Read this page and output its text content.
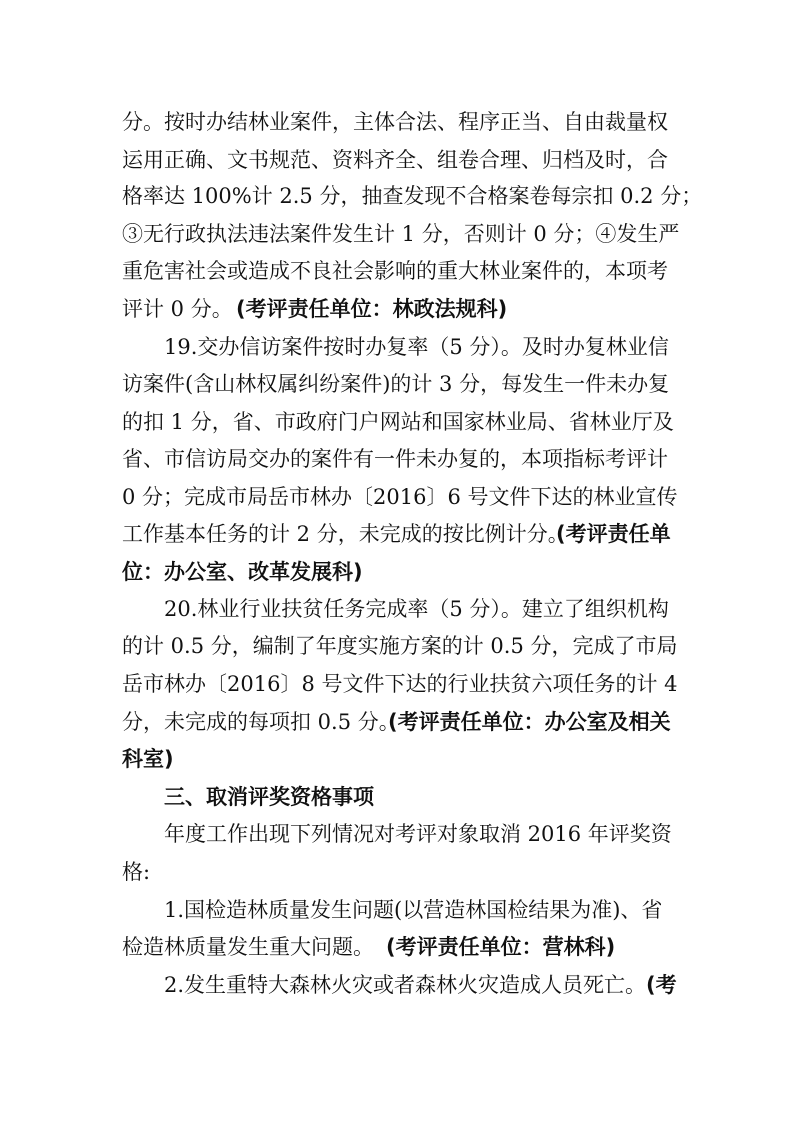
分。按时办结林业案件，主体合法、程序正当、自由裁量权

运用正确、文书规范、资料齐全、组卷合理、归档及时，合

格率达 100%计 2.5 分，抽查发现不合格案卷每宗扣 0.2 分；

③无行政执法违法案件发生计 1 分，否则计 0 分；④发生严

重危害社会或造成不良社会影响的重大林业案件的，本项考

评计 0 分。

(考评责任单位：林政法规科)

19.交办信访案件按时办复率（5 分）。及时办复林业信

访案件(含山林权属纠纷案件)的计 3 分，每发生一件未办复

的扣 1 分，省、市政府门户网站和国家林业局、省林业厅及

省、市信访局交办的案件有一件未办复的，本项指标考评计

0 分；完成市局岳市林办〔2016〕6 号文件下达的林业宣传

工作基本任务的计 2 分，未完成的按比例计分。

(考评责任单

位：办公室、改革发展科)

20.林业行业扶贫任务完成率（5 分）。建立了组织机构

的计 0.5 分，编制了年度实施方案的计 0.5 分，完成了市局

岳市林办〔2016〕8 号文件下达的行业扶贫六项任务的计 4

分，未完成的每项扣 0.5 分。

(考评责任单位：办公室及相关

科室)

三、取消评奖资格事项

年度工作出现下列情况对考评对象取消 2016 年评奖资

格:

1.国检造林质量发生问题(以营造林国检结果为准)、省

检造林质量发生重大问题。

(考评责任单位：营林科)

2.发生重特大森林火灾或者森林火灾造成人员死亡。

(考
